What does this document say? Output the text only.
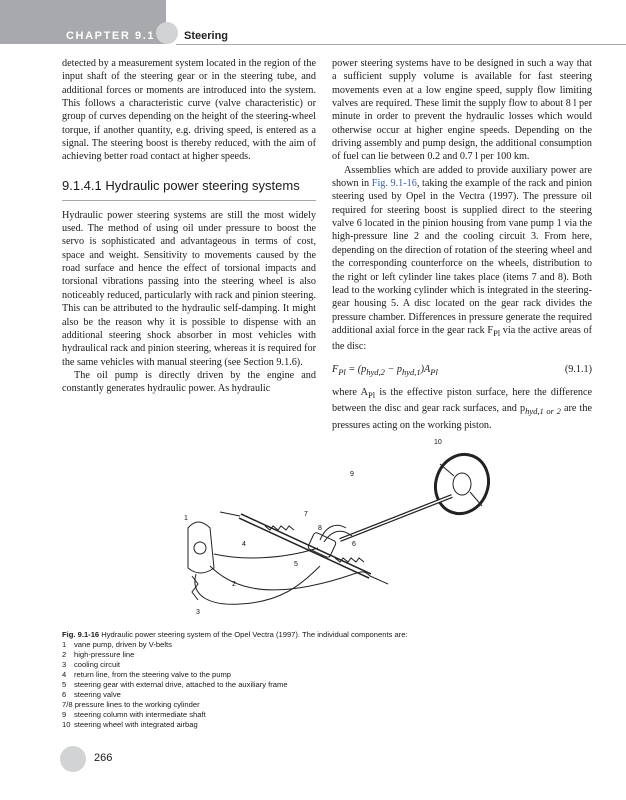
CHAPTER 9.1	Steering

detected by a measurement system located in the region of the input shaft of the steering gear or in the steering tube, and additional forces or moments are introduced into the system. This follows a characteristic curve (valve characteristic) or group of curves depending on the height of the steering-wheel torque, if another quantity, e.g. driving speed, is entered as a signal. The steering boost is thereby reduced, with the aim of achieving better road contact at higher speeds.

9.1.4.1 Hydraulic power steering systems

Hydraulic power steering systems are still the most widely used. The method of using oil under pressure to boost the servo is sophisticated and advantageous in terms of cost, space and weight. Sensitivity to movements caused by the road surface and hence the effect of torsional impacts and torsional vibrations passing into the steering wheel is also noticeably reduced, particularly with rack and pinion steering. This can be attributed to the hydraulic self-damping. It might also be the reason why it is possible to dispense with an additional steering shock absorber in most vehicles with hydraulical rack and pinion steering, whereas it is required for the same vehicles with manual steering (see Section 9.1.6).

The oil pump is directly driven by the engine and constantly generates hydraulic power. As hydraulic

power steering systems have to be designed in such a way that a sufficient supply volume is available for fast steering movements even at a low engine speed, supply flow limiting valves are required. These limit the supply flow to about 8 l per minute in order to prevent the hydraulic losses which would otherwise occur at higher engine speeds. Depending on the driving assembly and pump design, the additional consumption of fuel can lie between 0.2 and 0.7 l per 100 km.

Assemblies which are added to provide auxiliary power are shown in Fig. 9.1-16, taking the example of the rack and pinion steering used by Opel in the Vectra (1997). The pressure oil required for steering boost is supplied direct to the steering valve 6 located in the pinion housing from vane pump 1 via the high-pressure line 2 and the cooling circuit 3. From here, depending on the direction of rotation of the steering wheel and the corresponding counterforce on the wheels, distribution to the right or left cylinder line takes place (items 7 and 8). Both lead to the working cylinder which is integrated in the steering-gear housing 5. A disc located on the gear rack divides the pressure chamber. Differences in pressure generate the required additional axial force in the gear rack $F_{Pl}$ via the active areas of the disc:

$F_{Pl} = (p_{hyd,2} - p_{hyd,1})A_{Pl}$	(9.1.1)

where $A_{Pl}$ is the effective piston surface, here the difference between the disc and gear rack surfaces, and $p_{hyd,1 or 2}$ are the pressures acting on the working piston.

1
2
3
4
5
6
7
8
9
10
Fig. 9.1-16 Hydraulic power steering system of the Opel Vectra (1997). The individual components are:
1 vane pump, driven by V-belts
2 high-pressure line
3 cooling circuit
4 return line, from the steering valve to the pump
5 steering gear with external drive, attached to the auxiliary frame
6 steering valve
7/8 pressure lines to the working cylinder
9 steering column with intermediate shaft
10 steering wheel with integrated airbag
266
